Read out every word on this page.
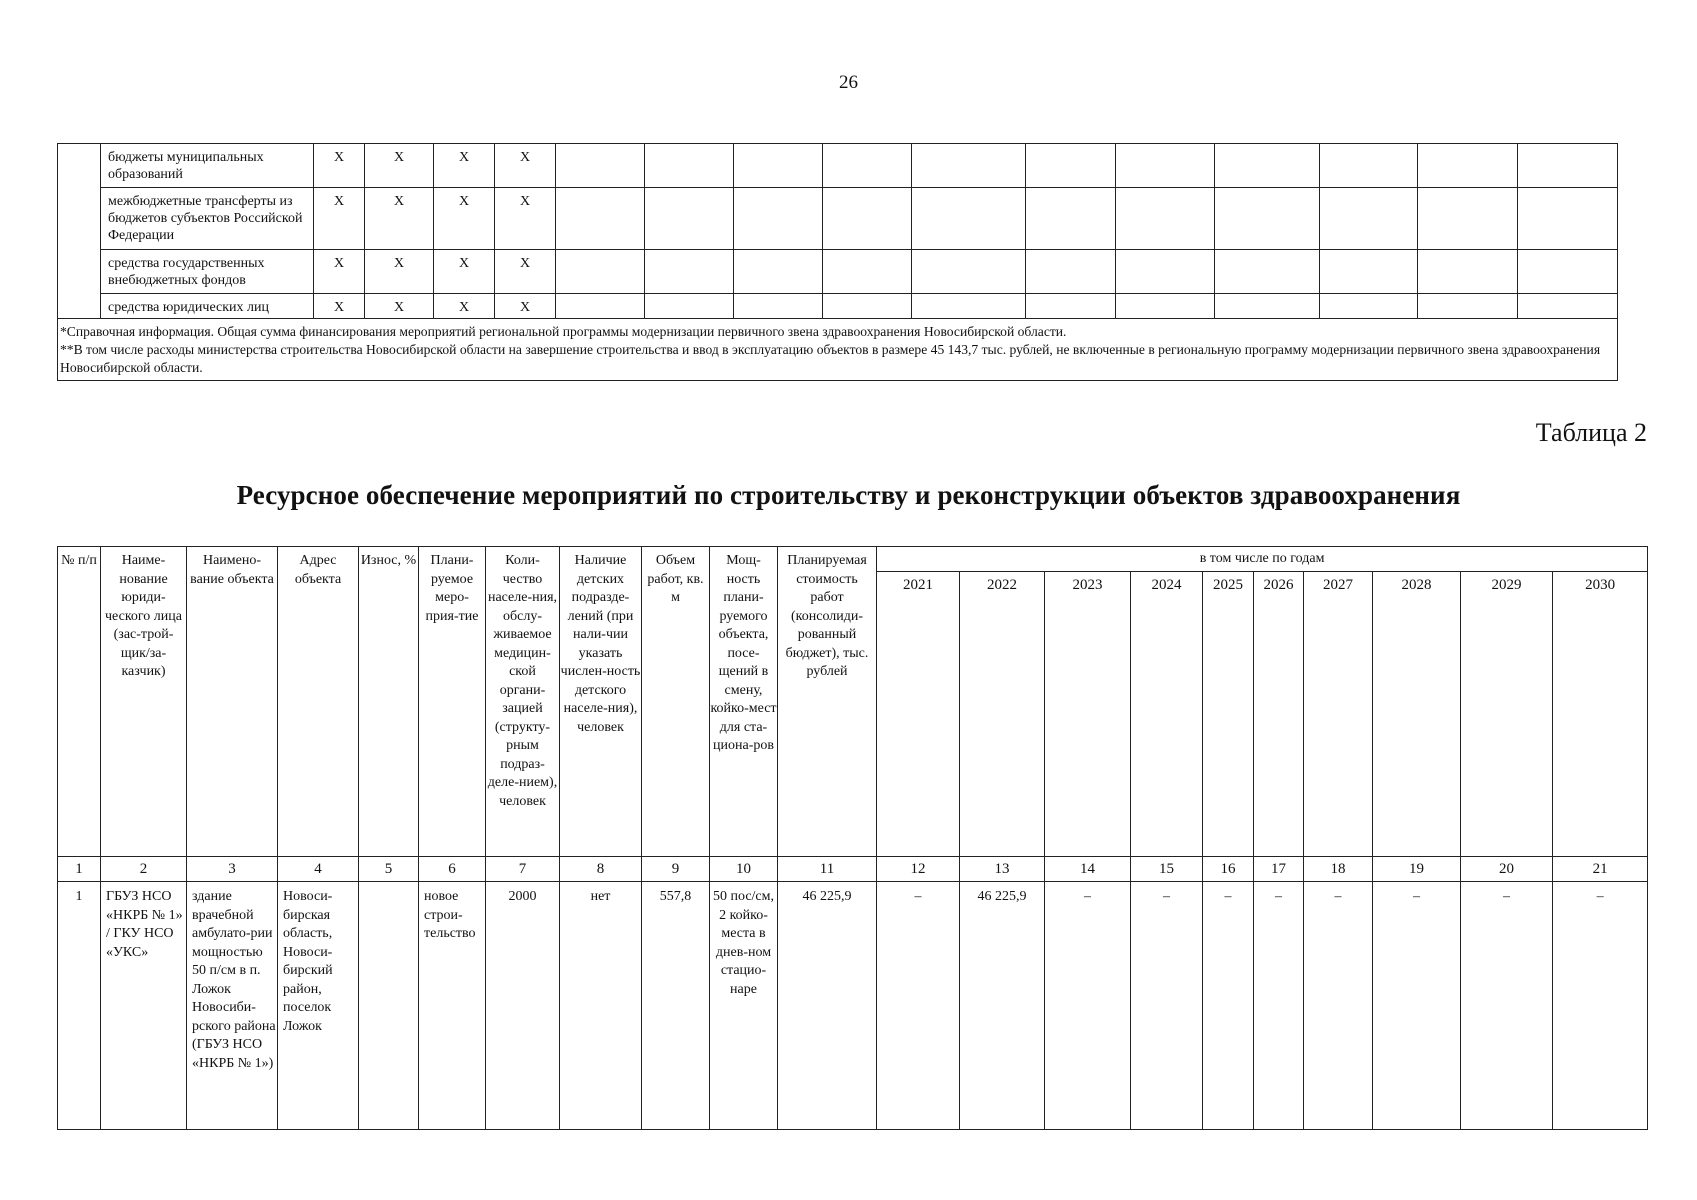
26
	бюджеты муниципальных образований	X	X	X	X											
	межбюджетные трансферты из бюджетов субъектов Российской Федерации	X	X	X	X											
	средства государственных внебюджетных фондов	X	X	X	X											
	средства юридических лиц	X	X	X	X											

*Справочная информация. Общая сумма финансирования мероприятий региональной программы модернизации первичного звена здравоохранения Новосибирской области.
**В том числе расходы министерства строительства Новосибирской области на завершение строительства и ввод в эксплуатацию объектов в размере 45 143,7 тыс. рублей, не включенные в региональную программу модернизации первичного звена здравоохранения Новосибирской области.																
Таблица 2
Ресурсное обеспечение мероприятий по строительству и реконструкции объектов здравоохранения
№ п/п	Наиме-нование юриди-ческого лица (зас-трой-щик/за-казчик)	Наимено-вание объекта	Адрес объекта	Износ, %	Плани-руемое меро-прия-тие	Коли-чество населе-ния, обслу-живаемое медицин-ской органи-зацией (структу-рным подраз-деле-нием), человек	Наличие детских подразде-лений (при нали-чии указать числен-ность детского населе-ния), человек	Объем работ, кв. м	Мощ-ность плани-руемого объекта, посе-щений в смену, койко-мест для ста-циона-ров	Планируемая стоимость работ (консолиди-рованный бюджет), тыс. рублей	в том числе по годам									
											2021	2022	2023	2024	2025	2026	2027	2028	2029	2030
1	2	3	4	5	6	7	8	9	10	11	12	13	14	15	16	17	18	19	20	21
1	ГБУЗ НСО «НКРБ № 1» / ГКУ НСО «УКС»	здание врачебной амбулато-рии мощностью 50 п/см в п. Ложок Новосиби-рского района (ГБУЗ НСО «НКРБ № 1»)	Новоси-бирская область, Новоси-бирский район, поселок Ложок		новое строи-тельство	2000	нет	557,8	50 пос/см, 2 койко-места в днев-ном стацио-наре	46 225,9	–	46 225,9	–	–	–	–	–	–	–	–
